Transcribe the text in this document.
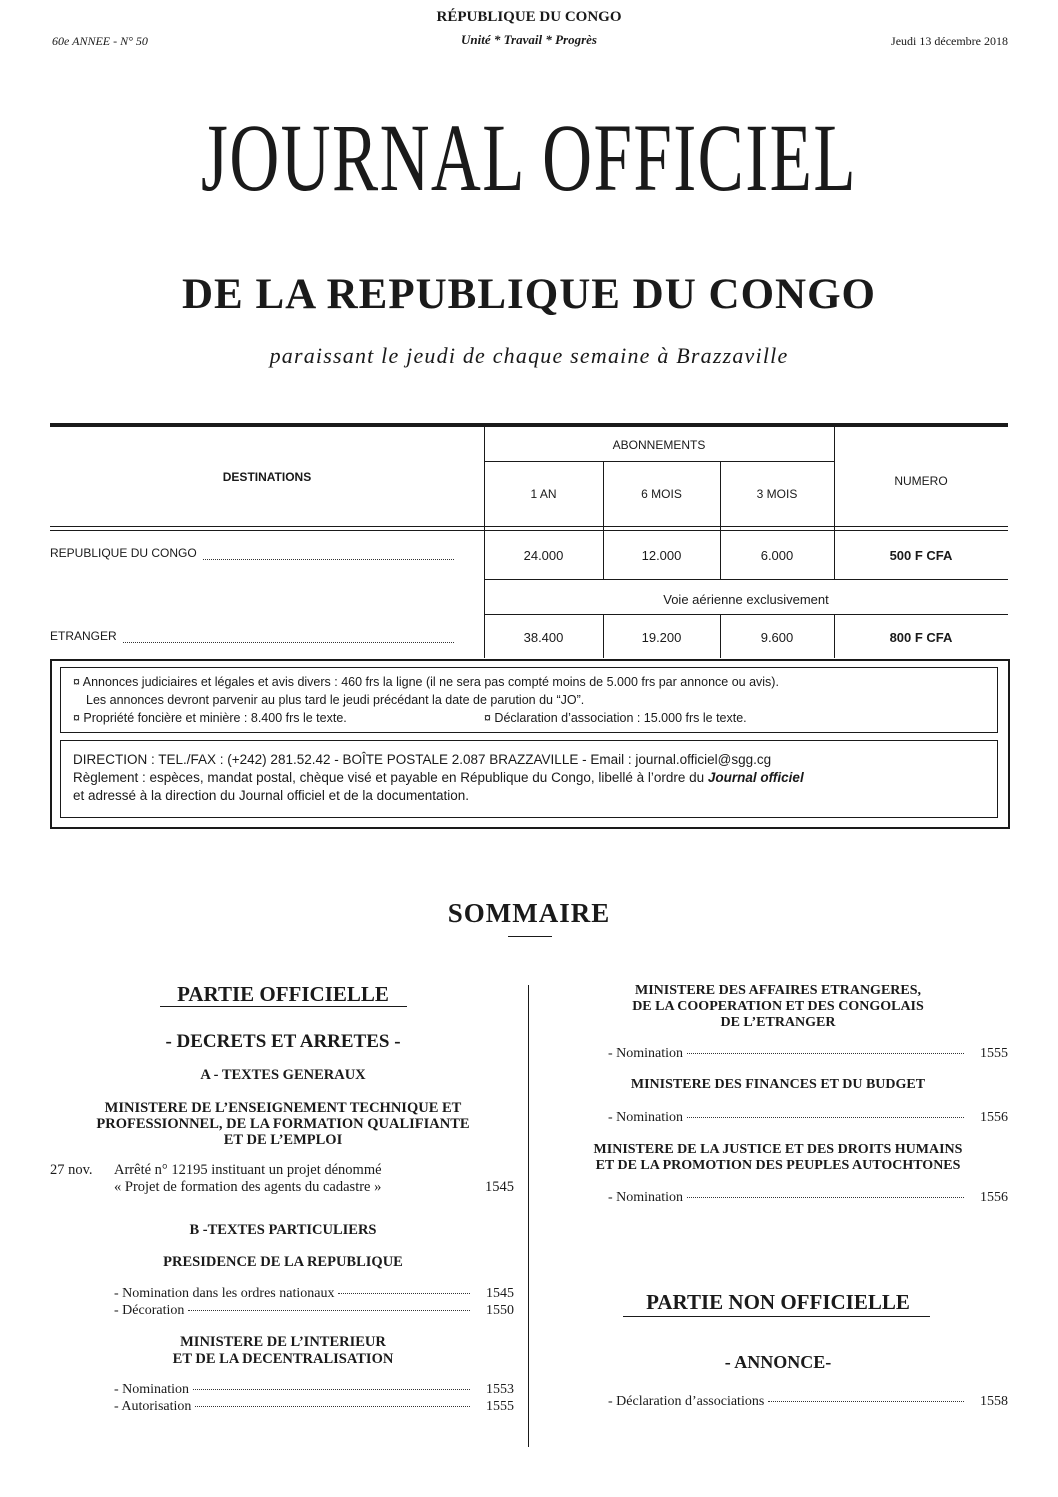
RÉPUBLIQUE DU CONGO
60e ANNEE - N° 50	Unité * Travail * Progrès	Jeudi 13 décembre 2018
JOURNAL OFFICIEL
DE LA REPUBLIQUE DU CONGO
paraissant le jeudi de chaque semaine à Brazzaville
DESTINATIONS
ABONNEMENTS
NUMERO
1 AN	6 MOIS	3 MOIS
REPUBLIQUE DU CONGO	24.000	12.000	6.000	500 F CFA
Voie aérienne exclusivement
ETRANGER	38.400	19.200	9.600	800 F CFA
¤ Annonces judiciaires et légales et avis divers : 460 frs la ligne (il ne sera pas compté moins de 5.000 frs par annonce ou avis).
Les annonces devront parvenir au plus tard le jeudi précédant la date de parution du “JO”.
¤ Propriété foncière et minière : 8.400 frs le texte.	¤ Déclaration d’association : 15.000 frs le texte.
DIRECTION : TEL./FAX : (+242) 281.52.42 - BOÎTE POSTALE 2.087 BRAZZAVILLE - Email : journal.officiel@sgg.cg
Règlement : espèces, mandat postal, chèque visé et payable en République du Congo, libellé à l’ordre du Journal officiel
et adressé à la direction du Journal officiel et de la documentation.
SOMMAIRE
PARTIE OFFICIELLE
- DECRETS ET ARRETES -
A - TEXTES GENERAUX
MINISTERE DE L’ENSEIGNEMENT TECHNIQUE ET
PROFESSIONNEL, DE LA FORMATION QUALIFIANTE
ET DE L’EMPLOI
27 nov. Arrêté n° 12195 instituant un projet dénommé
« Projet de formation des agents du cadastre »	1545
B -TEXTES PARTICULIERS
PRESIDENCE DE LA REPUBLIQUE
- Nomination dans les ordres nationaux	1545
- Décoration	1550
MINISTERE DE L’INTERIEUR
ET DE LA DECENTRALISATION
- Nomination	1553
- Autorisation	1555
MINISTERE DES AFFAIRES ETRANGERES,
DE LA COOPERATION ET DES CONGOLAIS
DE L’ETRANGER
- Nomination	1555
MINISTERE DES FINANCES ET DU BUDGET
- Nomination	1556
MINISTERE DE LA JUSTICE ET DES DROITS HUMAINS
ET DE LA PROMOTION DES PEUPLES AUTOCHTONES
- Nomination	1556
PARTIE NON OFFICIELLE
- ANNONCE-
- Déclaration d’associations	1558
